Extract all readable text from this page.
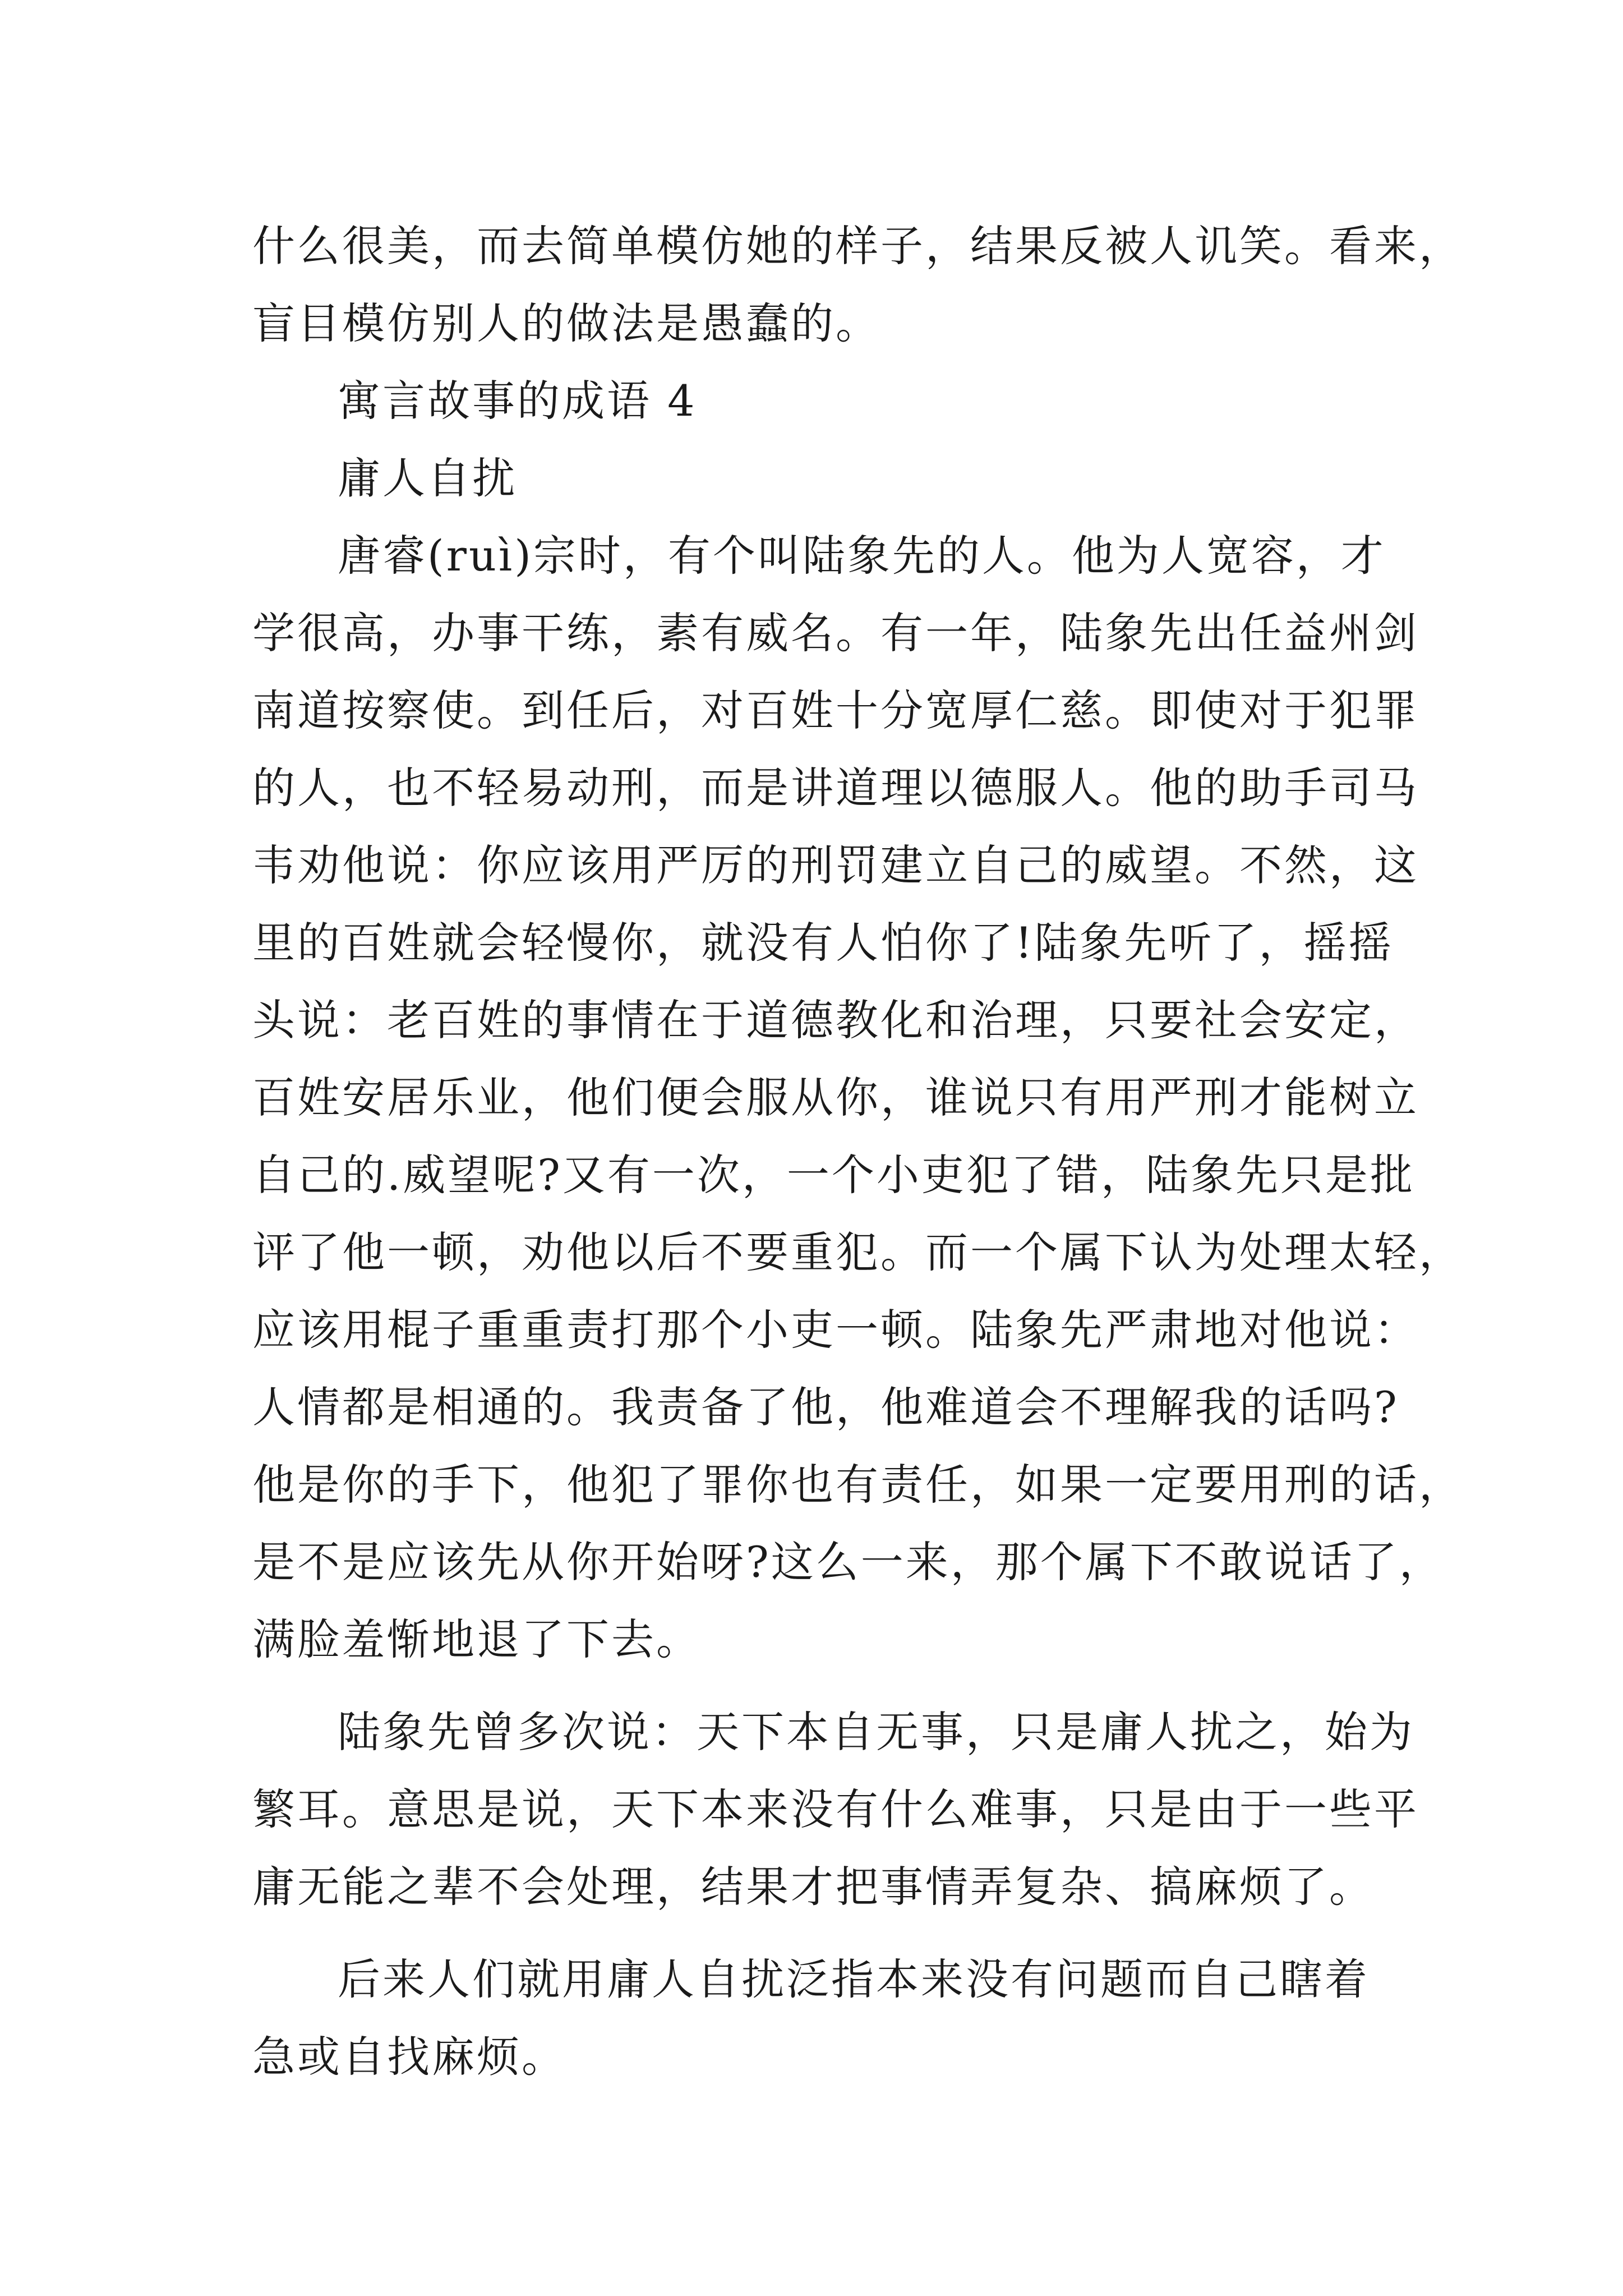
什么很美，而去简单模仿她的样子，结果反被人讥笑。看来，
盲目模仿别人的做法是愚蠢的。
寓言故事的成语 4
庸人自扰
唐睿(ruì)宗时，有个叫陆象先的人。他为人宽容，才
学很高，办事干练，素有威名。有一年，陆象先出任益州剑
南道按察使。到任后，对百姓十分宽厚仁慈。即使对于犯罪
的人，也不轻易动刑，而是讲道理以德服人。他的助手司马
韦劝他说：你应该用严厉的刑罚建立自己的威望。不然，这
里的百姓就会轻慢你，就没有人怕你了!陆象先听了，摇摇
头说：老百姓的事情在于道德教化和治理，只要社会安定，
百姓安居乐业，他们便会服从你，谁说只有用严刑才能树立
自己的.威望呢?又有一次，一个小吏犯了错，陆象先只是批
评了他一顿，劝他以后不要重犯。而一个属下认为处理太轻，
应该用棍子重重责打那个小吏一顿。陆象先严肃地对他说：
人情都是相通的。我责备了他，他难道会不理解我的话吗?
他是你的手下，他犯了罪你也有责任，如果一定要用刑的话，
是不是应该先从你开始呀?这么一来，那个属下不敢说话了，
满脸羞惭地退了下去。
陆象先曾多次说：天下本自无事，只是庸人扰之，始为
繁耳。意思是说，天下本来没有什么难事，只是由于一些平
庸无能之辈不会处理，结果才把事情弄复杂、搞麻烦了。
后来人们就用庸人自扰泛指本来没有问题而自己瞎着
急或自找麻烦。
